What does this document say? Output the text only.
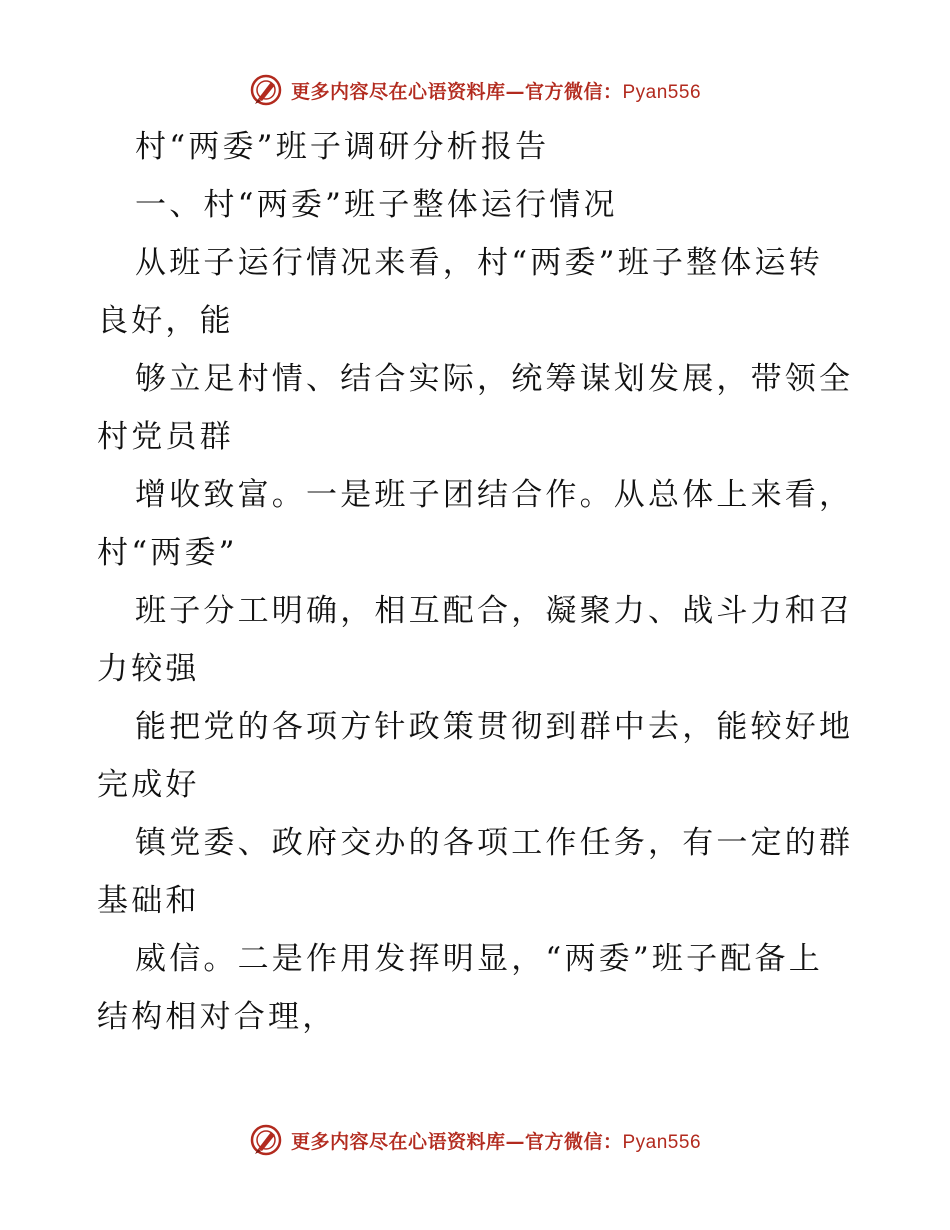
更多内容尽在心语资料库—官方微信：Pyan556
村“两委”班子调研分析报告
一、村“两委”班子整体运行情况
从班子运行情况来看，村“两委”班子整体运转
良好，能
够立足村情、结合实际，统筹谋划发展，带领全
村党员群
增收致富。一是班子团结合作。从总体上来看，
村“两委”
班子分工明确，相互配合，凝聚力、战斗力和召
力较强
能把党的各项方针政策贯彻到群中去，能较好地
完成好
镇党委、政府交办的各项工作任务，有一定的群
基础和
威信。二是作用发挥明显，“两委”班子配备上
结构相对合理，
更多内容尽在心语资料库—官方微信：Pyan556
